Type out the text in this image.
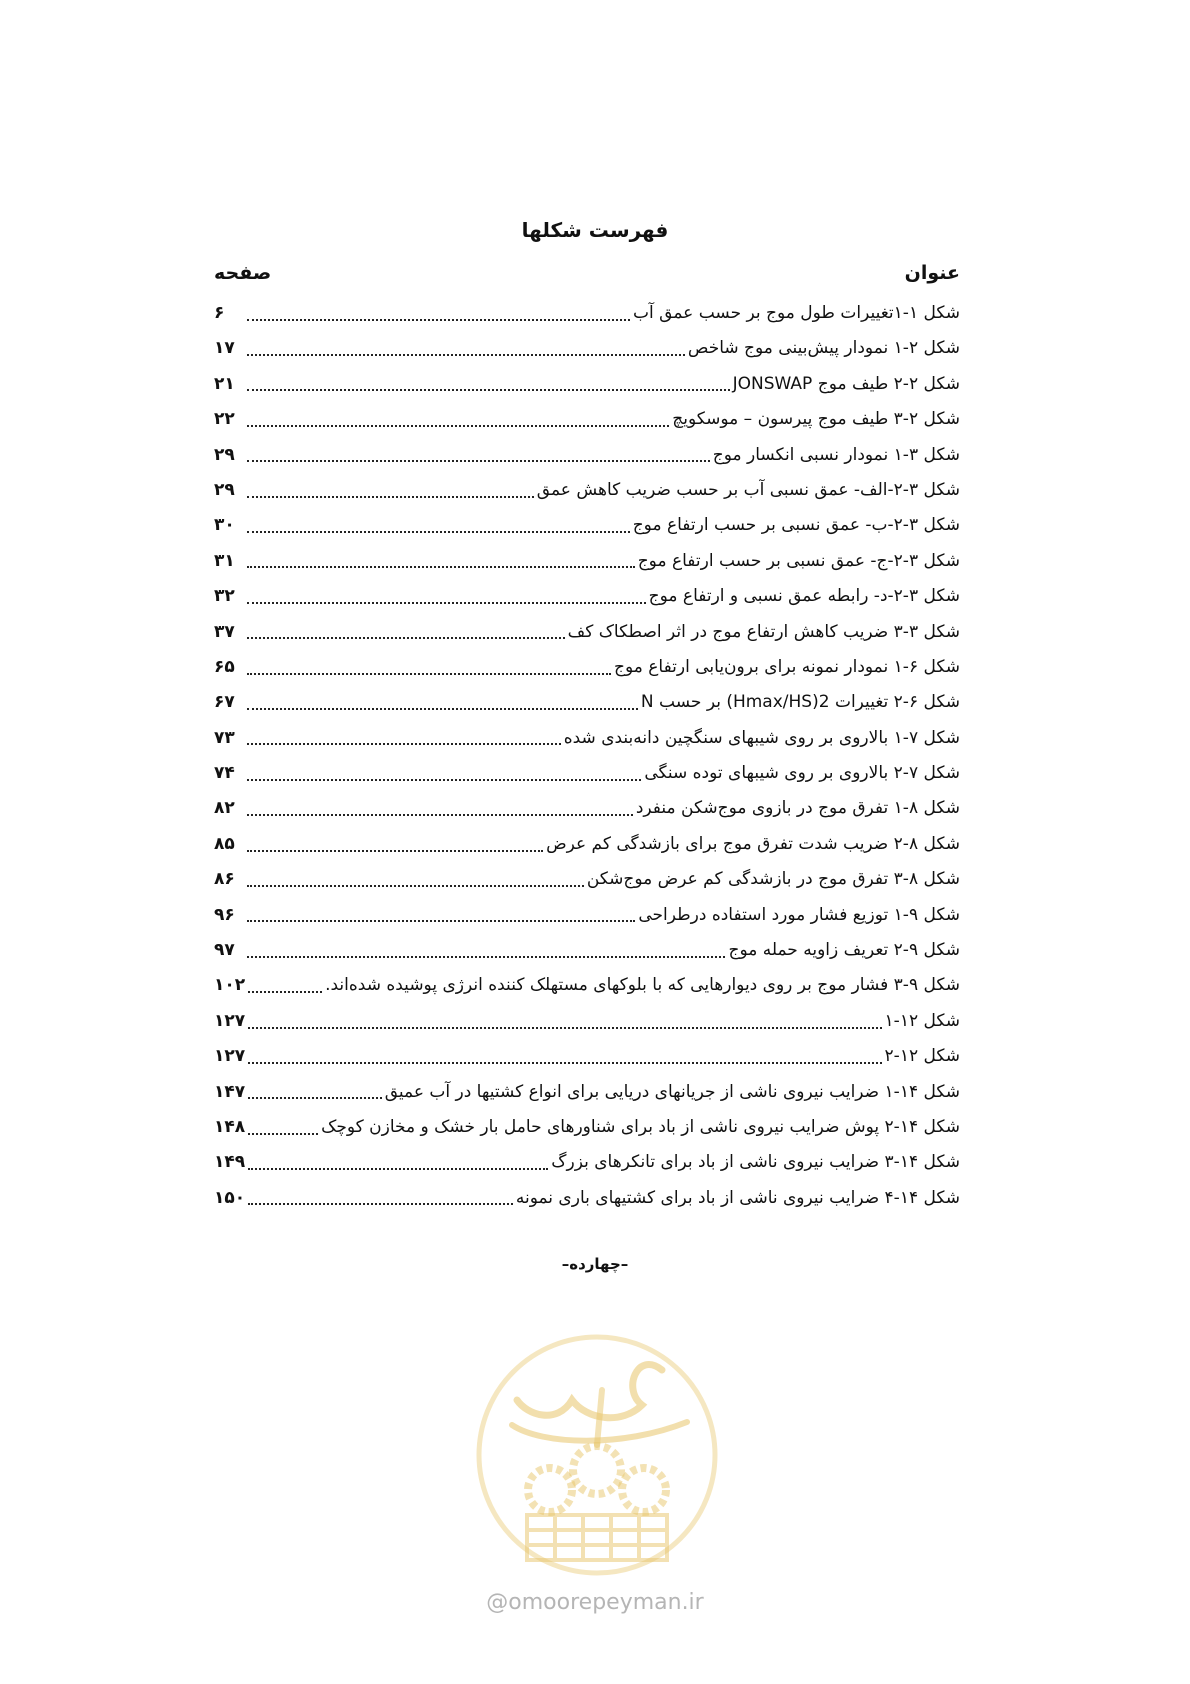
فهرست شکلها
عنوان
صفحه
شکل ۱-۱تغییرات طول موج بر حسب عمق آب
۶
شکل ۲-۱ نمودار پیش‌بینی موج شاخص
۱۷
شکل ۲-۲ طیف موج JONSWAP
۲۱
شکل ۲-۳ طیف موج پیرسون – موسکویچ
۲۲
شکل ۳-۱ نمودار نسبی انکسار موج
۲۹
شکل ۳-۲-الف- عمق نسبی آب بر حسب ضریب کاهش عمق
۲۹
شکل ۳-۲-ب- عمق نسبی بر حسب ارتفاع موج
۳۰
شکل ۳-۲-ج- عمق نسبی بر حسب ارتفاع موج
۳۱
شکل ۳-۲-د- رابطه عمق نسبی و ارتفاع موج
۳۲
شکل ۳-۳ ضریب کاهش ارتفاع موج در اثر اصطکاک کف
۳۷
شکل ۶-۱ نمودار نمونه برای برون‌یابی ارتفاع موج
۶۵
شکل ۶-۲ تغییرات Hmax/HS)2) بر حسب N
۶۷
شکل ۷-۱ بالاروی بر روی شیبهای سنگچین دانه‌بندی شده
۷۳
شکل ۷-۲ بالاروی بر روی شیبهای توده سنگی
۷۴
شکل ۸-۱ تفرق موج در بازوی موج‌شکن منفرد
۸۲
شکل ۸-۲ ضریب شدت تفرق موج برای بازشدگی کم عرض
۸۵
شکل ۸-۳ تفرق موج در بازشدگی کم عرض موج‌شکن
۸۶
شکل ۹-۱ توزیع فشار مورد استفاده درطراحی
۹۶
شکل ۹-۲ تعریف زاویه حمله موج
۹۷
شکل ۹-۳ فشار موج بر روی دیوارهایی که با بلوکهای مستهلک کننده انرژی پوشیده شده‌اند.
۱۰۲
شکل ۱۲-۱
۱۲۷
شکل ۱۲-۲
۱۲۷
شکل ۱۴-۱ ضرایب نیروی ناشی از جریانهای دریایی برای انواع کشتیها در آب عمیق
۱۴۷
شکل ۱۴-۲ پوش ضرایب نیروی ناشی از باد برای شناورهای حامل بار خشک و مخازن کوچک
۱۴۸
شکل ۱۴-۳ ضرایب نیروی ناشی از باد برای تانکرهای بزرگ
۱۴۹
شکل ۱۴-۴ ضرایب نیروی ناشی از باد برای کشتیهای باری نمونه
۱۵۰
–چهارده–
@omoorepeyman.ir
